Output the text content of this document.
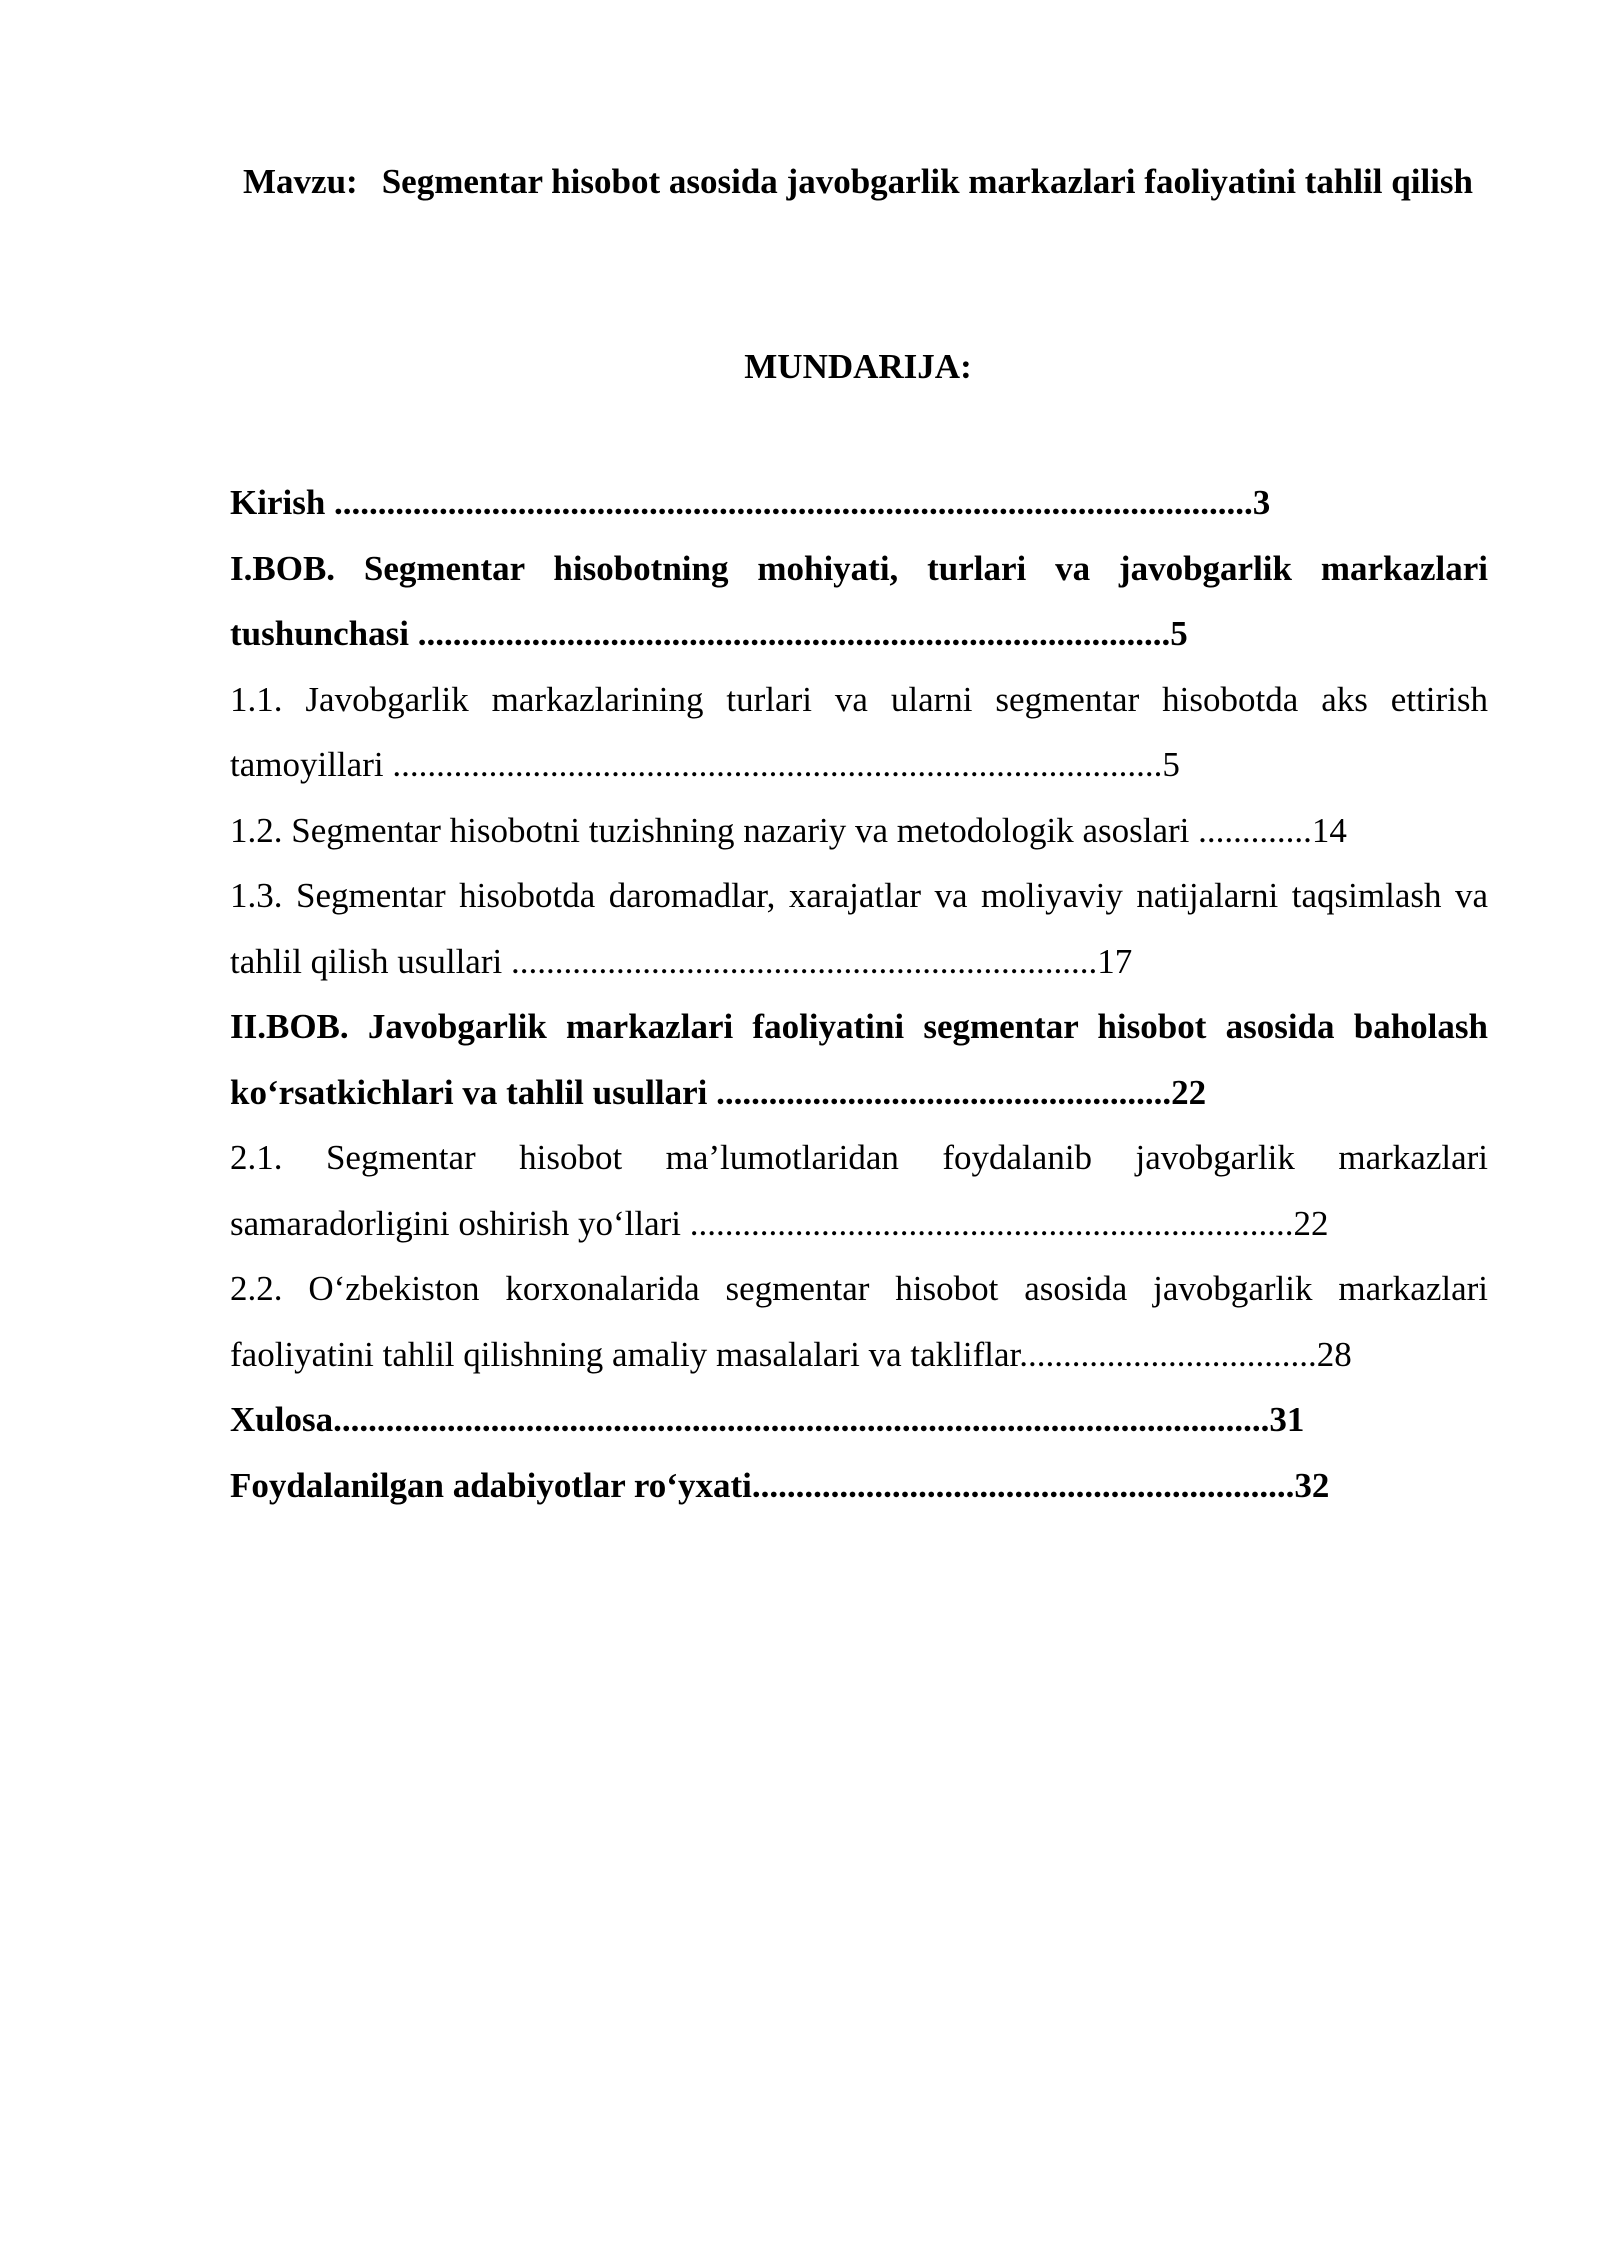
Mavzu: Segmentar hisobot asosida javobgarlik markazlari faoliyatini tahlil qilish
MUNDARIJA:

Kirish .........................................................................................................3

I.BOB. Segmentar hisobotning mohiyati, turlari va javobgarlik markazlari tushunchasi ......................................................................................5

1.1. Javobgarlik markazlarining turlari va ularni segmentar hisobotda aks ettirish tamoyillari ........................................................................................5

1.2. Segmentar hisobotni tuzishning nazariy va metodologik asoslari .............14

1.3. Segmentar hisobotda daromadlar, xarajatlar va moliyaviy natijalarni taqsimlash va tahlil qilish usullari ...................................................................17

II.BOB. Javobgarlik markazlari faoliyatini segmentar hisobot asosida baholash ko‘rsatkichlari va tahlil usullari ....................................................22

2.1. Segmentar hisobot ma’lumotlaridan foydalanib javobgarlik markazlari samaradorligini oshirish yo‘llari .....................................................................22

2.2. O‘zbekiston korxonalarida segmentar hisobot asosida javobgarlik markazlari faoliyatini tahlil qilishning amaliy masalalari va takliflar..................................28

Xulosa...........................................................................................................31

Foydalanilgan adabiyotlar ro‘yxati..............................................................32
